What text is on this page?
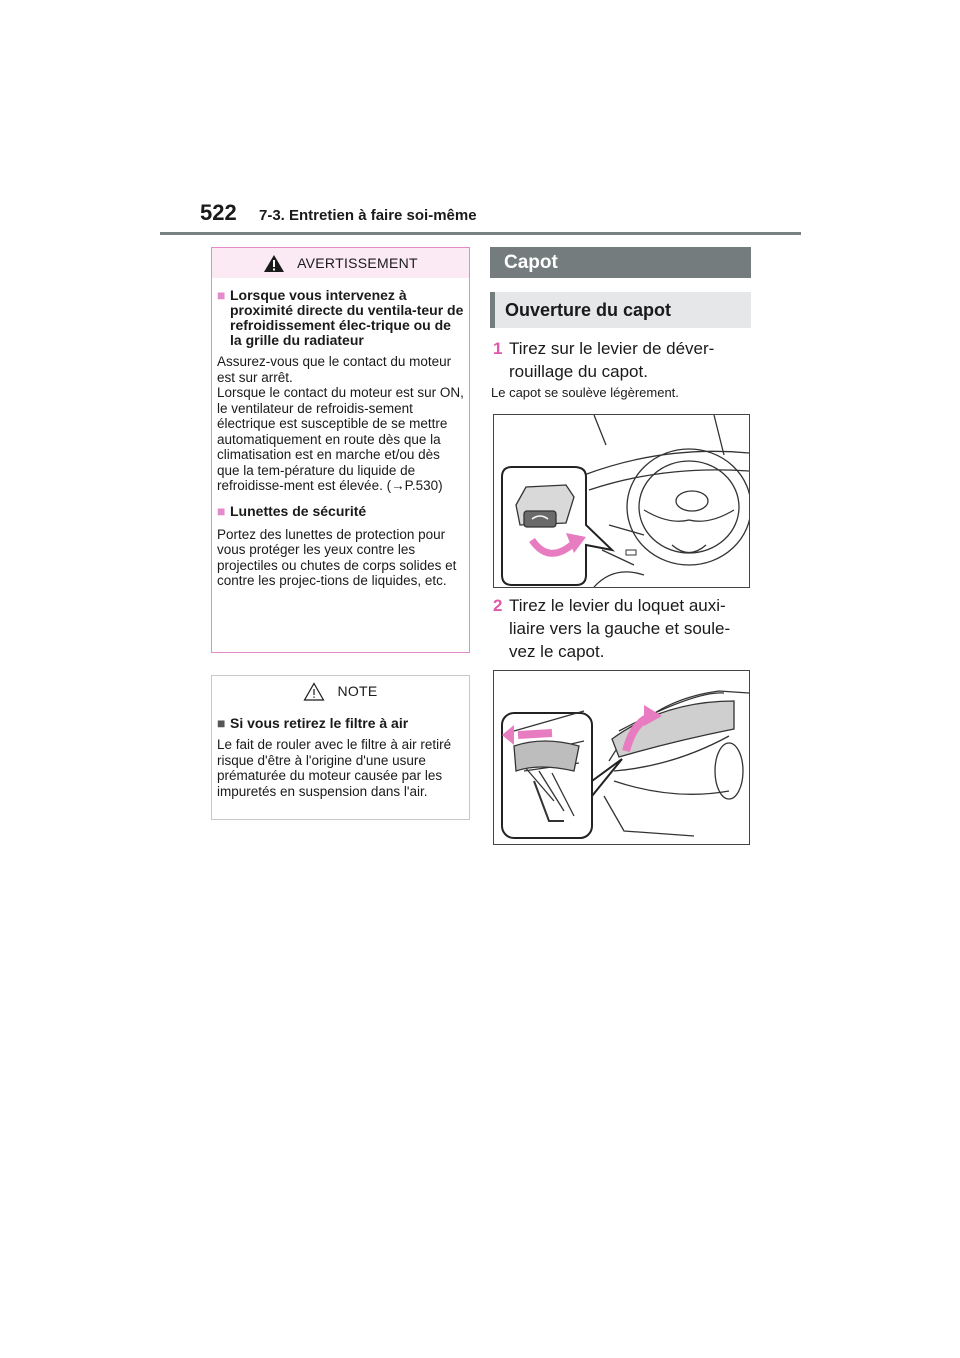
522 7-3. Entretien à faire soi-même
AVERTISSEMENT
■ Lorsque vous intervenez à proximité directe du ventila-teur de refroidissement élec-trique ou de la grille du radiateur
Assurez-vous que le contact du moteur est sur arrêt.
Lorsque le contact du moteur est sur ON, le ventilateur de refroidis-sement électrique est susceptible de se mettre automatiquement en route dès que la climatisation est en marche et/ou dès que la tem-pérature du liquide de refroidisse-ment est élevée. (→P.530)
■ Lunettes de sécurité
Portez des lunettes de protection pour vous protéger les yeux contre les projectiles ou chutes de corps solides et contre les projec-tions de liquides, etc.
NOTE
■ Si vous retirez le filtre à air
Le fait de rouler avec le filtre à air retiré risque d'être à l'origine d'une usure prématurée du moteur causée par les impuretés en suspension dans l'air.
Capot
Ouverture du capot
1 Tirez sur le levier de déver-rouillage du capot.
Le capot se soulève légèrement.
2 Tirez le levier du loquet auxi-liaire vers la gauche et soule-vez le capot.
